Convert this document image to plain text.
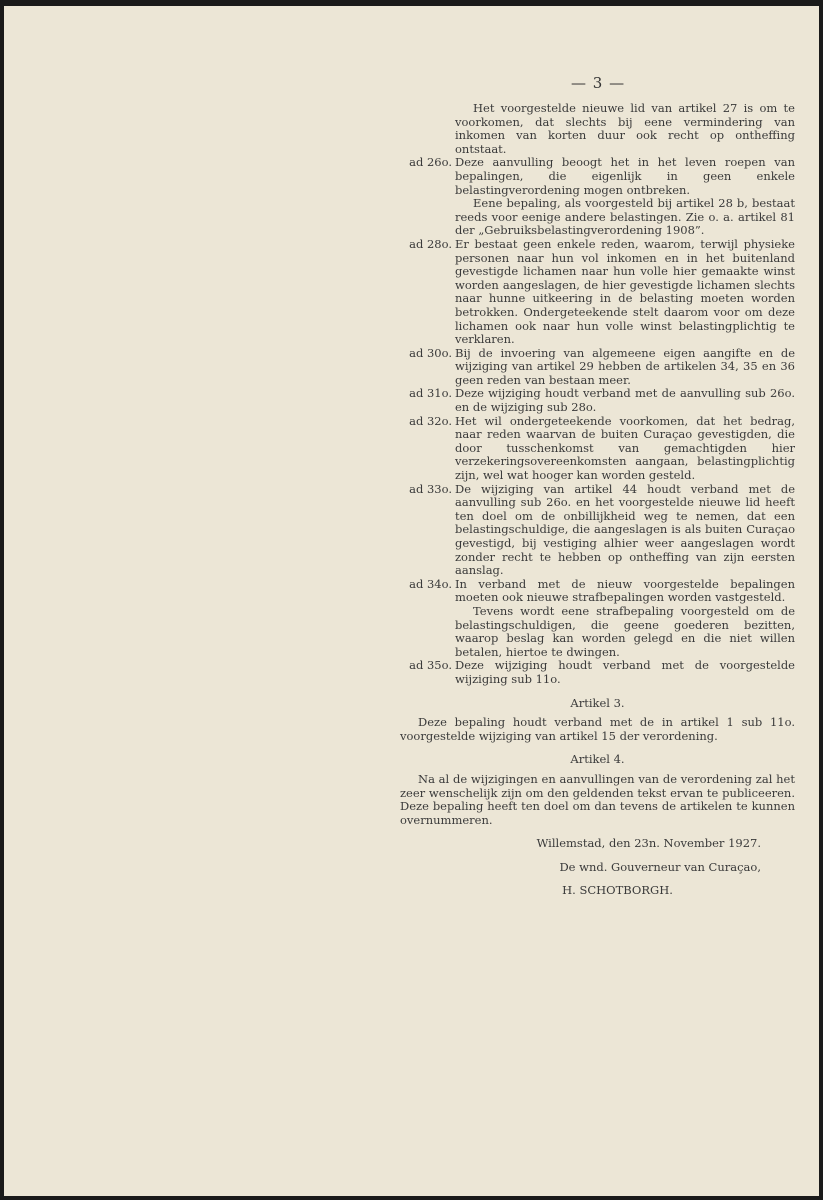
— 3 —
Het voorgestelde nieuwe lid van artikel 27 is om te voorkomen, dat slechts bij eene vermindering van inkomen van korten duur ook recht op ontheffing ontstaat.
ad 26o. Deze aanvulling beoogt het in het leven roepen van bepalingen, die eigenlijk in geen enkele belastingverordening mogen ontbreken.
Eene bepaling, als voorgesteld bij artikel 28 b, bestaat reeds voor eenige andere belastingen. Zie o. a. artikel 81 der „Gebruiksbelastingverordening 1908”.
ad 28o. Er bestaat geen enkele reden, waarom, terwijl physieke personen naar hun vol inkomen en in het buitenland gevestigde lichamen naar hun volle hier gemaakte winst worden aangeslagen, de hier gevestigde lichamen slechts naar hunne uitkeering in de belasting moeten worden betrokken. Ondergeteekende stelt daarom voor om deze lichamen ook naar hun volle winst belastingplichtig te verklaren.
ad 30o. Bij de invoering van algemeene eigen aangifte en de wijziging van artikel 29 hebben de artikelen 34, 35 en 36 geen reden van bestaan meer.
ad 31o. Deze wijziging houdt verband met de aanvulling sub 26o. en de wijziging sub 28o.
ad 32o. Het wil ondergeteekende voorkomen, dat het bedrag, naar reden waarvan de buiten Curaçao gevestigden, die door tusschenkomst van gemachtigden hier verzekeringsovereenkomsten aangaan, belastingplichtig zijn, wel wat hooger kan worden gesteld.
ad 33o. De wijziging van artikel 44 houdt verband met de aanvulling sub 26o. en het voorgestelde nieuwe lid heeft ten doel om de onbillijkheid weg te nemen, dat een belastingschuldige, die aangeslagen is als buiten Curaçao gevestigd, bij vestiging alhier weer aangeslagen wordt zonder recht te hebben op ontheffing van zijn eersten aanslag.
ad 34o. In verband met de nieuw voorgestelde bepalingen moeten ook nieuwe strafbepalingen worden vastgesteld.
Tevens wordt eene strafbepaling voorgesteld om de belastingschuldigen, die geene goederen bezitten, waarop beslag kan worden gelegd en die niet willen betalen, hiertoe te dwingen.
ad 35o. Deze wijziging houdt verband met de voorgestelde wijziging sub 11o.
Artikel 3.
Deze bepaling houdt verband met de in artikel 1 sub 11o. voorgestelde wijziging van artikel 15 der verordening.
Artikel 4.
Na al de wijzigingen en aanvullingen van de verordening zal het zeer wenschelijk zijn om den geldenden tekst ervan te publiceeren. Deze bepaling heeft ten doel om dan tevens de artikelen te kunnen overnummeren.
Willemstad, den 23n. November 1927.
De wnd. Gouverneur van Curaçao,
H. SCHOTBORGH.
